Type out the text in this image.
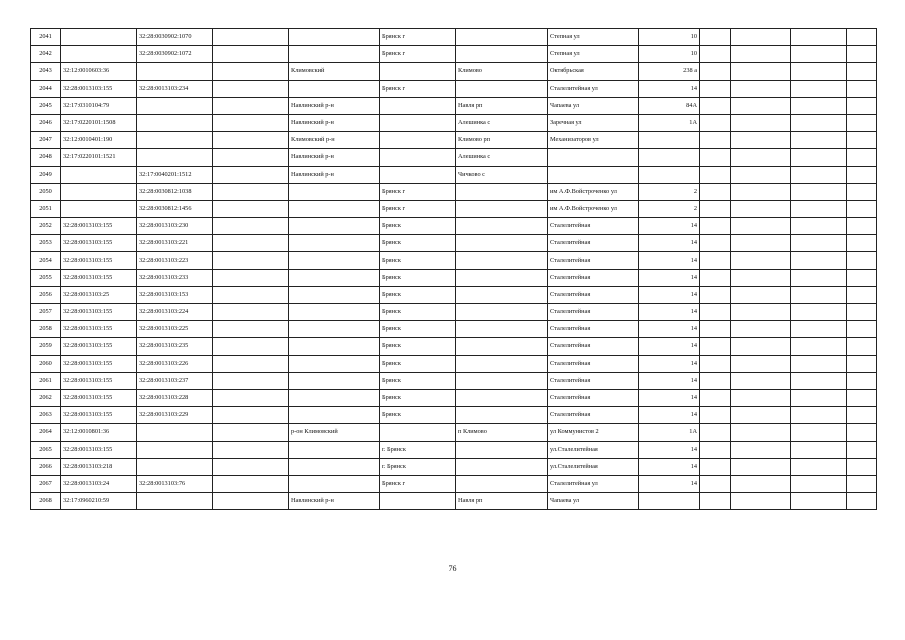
2041		32:28:0030902:1070			Брянск г		Степная ул	10				
2042		32:28:0030902:1072			Брянск г		Степная ул	10				
2043	32:12:0010603:36			Климовский		Климово	Октябрьская	238 а				
2044	32:28:0013103:155	32:28:0013103:234			Брянск г		Сталелитейная ул	14				
2045	32:17:0310104:79			Навлинский р-н		Навля рп	Чапаева ул	84А				
2046	32:17:0220101:1508			Навлинский р-н		Алешинка с	Заречная ул	1А				
2047	32:12:0010401:190			Климовский р-н		Климово рп	Механизаторов ул					
2048	32:17:0220101:1521			Навлинский р-н		Алешинка с						
2049		32:17:0040201:1512		Навлинский р-н		Чичково с						
2050		32:28:0030812:1038			Брянск г		им А.Ф.Войстроченко ул	2				
2051		32:28:0030812:1456			Брянск г		им А.Ф.Войстроченко ул	2				
2052	32:28:0013103:155	32:28:0013103:230			Брянск		Сталелитейная	14				
2053	32:28:0013103:155	32:28:0013103:221			Брянск		Сталелитейная	14				
2054	32:28:0013103:155	32:28:0013103:223			Брянск		Сталелитейная	14				
2055	32:28:0013103:155	32:28:0013103:233			Брянск		Сталелитейная	14				
2056	32:28:0013103:25	32:28:0013103:153			Брянск		Сталелитейная	14				
2057	32:28:0013103:155	32:28:0013103:224			Брянск		Сталелитейная	14				
2058	32:28:0013103:155	32:28:0013103:225			Брянск		Сталелитейная	14				
2059	32:28:0013103:155	32:28:0013103:235			Брянск		Сталелитейная	14				
2060	32:28:0013103:155	32:28:0013103:226			Брянск		Сталелитейная	14				
2061	32:28:0013103:155	32:28:0013103:237			Брянск		Сталелитейная	14				
2062	32:28:0013103:155	32:28:0013103:228			Брянск		Сталелитейная	14				
2063	32:28:0013103:155	32:28:0013103:229			Брянск		Сталелитейная	14				
2064	32:12:0010801:36			р-он Климовский		п Климово	ул Коммунистов 2	1А				
2065	32:28:0013103:155				г. Брянск		ул.Сталелитейная	14				
2066	32:28:0013103:218				г. Брянск		ул.Сталелитейная	14				
2067	32:28:0013103:24	32:28:0013103:76			Брянск г		Сталелитейная ул	14				
2068	32:17:0960210:59			Навлинский р-н		Навля рп	Чапаева ул					
76
